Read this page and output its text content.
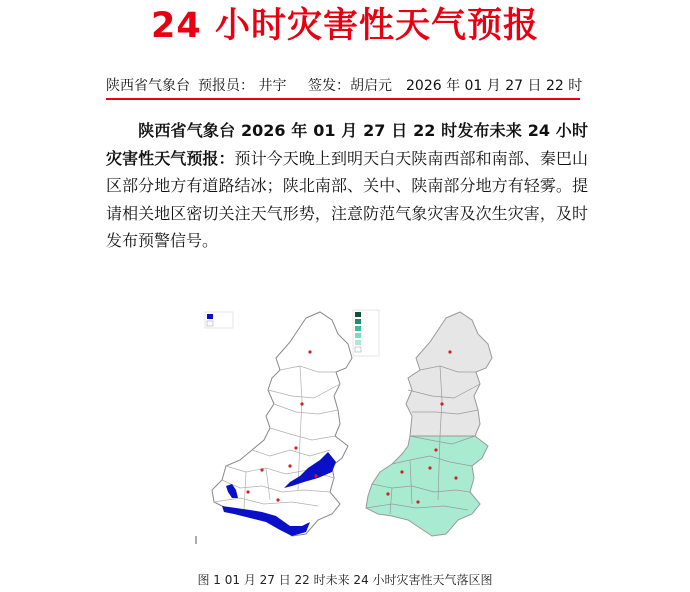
24 小时灾害性天气预报
陕西省气象台 预报员： 井宇	签发：胡启元	2026 年 01 月 27 日 22 时
陕西省气象台 2026 年 01 月 27 日 22 时发布未来 24 小时灾害性天气预报：预计今天晚上到明天白天陕南西部和南部、秦巴山区部分地方有道路结冰；陕北南部、关中、陕南部分地方有轻雾。提请相关地区密切关注天气形势，注意防范气象灾害及次生灾害，及时发布预警信号。
图 1 01 月 27 日 22 时未来 24 小时灾害性天气落区图
